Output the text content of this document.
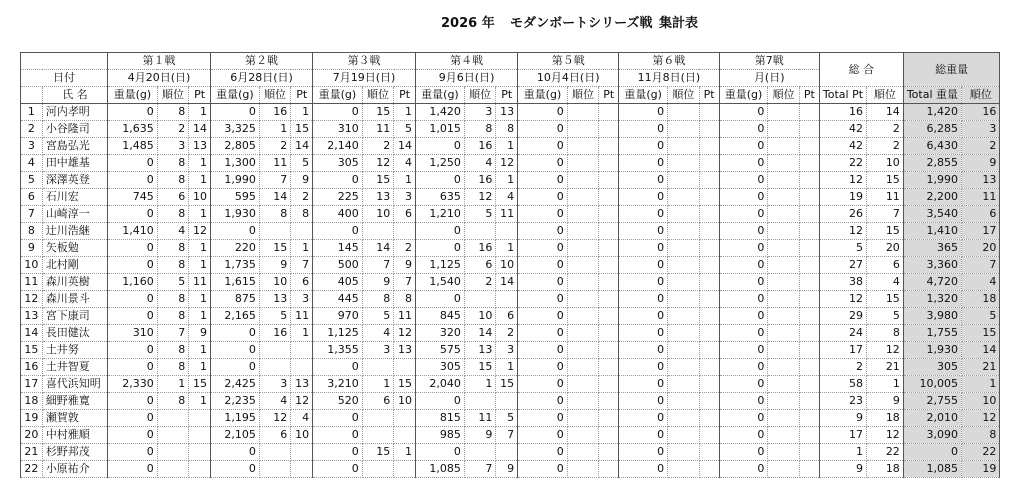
2026 年 モダンボートシリーズ戦 集計表
		第１戦			第２戦			第３戦			第４戦			第５戦			第６戦			第7戦			総 合		総重量	
日付		4月20日(日)			6月28日(日)			7月19日(日)			9月6日(日)			10月4日(日)			11月8日(日)			月(日)						
	氏 名	重量(g)	順位	Pt	重量(g)	順位	Pt	重量(g)	順位	Pt	重量(g)	順位	Pt	重量(g)	順位	Pt	重量(g)	順位	Pt	重量(g)	順位	Pt	Total Pt	順位	Total 重量	順位
1	河内孝明	0	8	1	0	16	1	0	15	1	1,420	3	13	0			0			0			16	14	1,420	16
2	小谷隆司	1,635	2	14	3,325	1	15	310	11	5	1,015	8	8	0			0			0			42	2	6,285	3
3	宮島弘光	1,485	3	13	2,805	2	14	2,140	2	14	0	16	1	0			0			0			42	2	6,430	2
4	田中雄基	0	8	1	1,300	11	5	305	12	4	1,250	4	12	0			0			0			22	10	2,855	9
5	深澤英登	0	8	1	1,990	7	9	0	15	1	0	16	1	0			0			0			12	15	1,990	13
6	石川宏	745	6	10	595	14	2	225	13	3	635	12	4	0			0			0			19	11	2,200	11
7	山崎淳一	0	8	1	1,930	8	8	400	10	6	1,210	5	11	0			0			0			26	7	3,540	6
8	辻川浩継	1,410	4	12	0			0			0			0			0			0			12	15	1,410	17
9	矢板勉	0	8	1	220	15	1	145	14	2	0	16	1	0			0			0			5	20	365	20
10	北村剛	0	8	1	1,735	9	7	500	7	9	1,125	6	10	0			0			0			27	6	3,360	7
11	森川英樹	1,160	5	11	1,615	10	6	405	9	7	1,540	2	14	0			0			0			38	4	4,720	4
12	森川景斗	0	8	1	875	13	3	445	8	8	0			0			0			0			12	15	1,320	18
13	宮下康司	0	8	1	2,165	5	11	970	5	11	845	10	6	0			0			0			29	5	3,980	5
14	長田健汰	310	7	9	0	16	1	1,125	4	12	320	14	2	0			0			0			24	8	1,755	15
15	土井努	0	8	1	0			1,355	3	13	575	13	3	0			0			0			17	12	1,930	14
16	土井智夏	0	8	1	0			0			305	15	1	0			0			0			2	21	305	21
17	喜代浜知明	2,330	1	15	2,425	3	13	3,210	1	15	2,040	1	15	0			0			0			58	1	10,005	1
18	細野雅寛	0	8	1	2,235	4	12	520	6	10	0			0			0			0			23	9	2,755	10
19	瀬賀敦	0			1,195	12	4	0			815	11	5	0			0			0			9	18	2,010	12
20	中村雅順	0			2,105	6	10	0			985	9	7	0			0			0			17	12	3,090	8
21	杉野邦茂	0			0			0	15	1	0			0			0			0			1	22	0	22
22	小原祐介	0			0			0			1,085	7	9	0			0			0			9	18	1,085	19
